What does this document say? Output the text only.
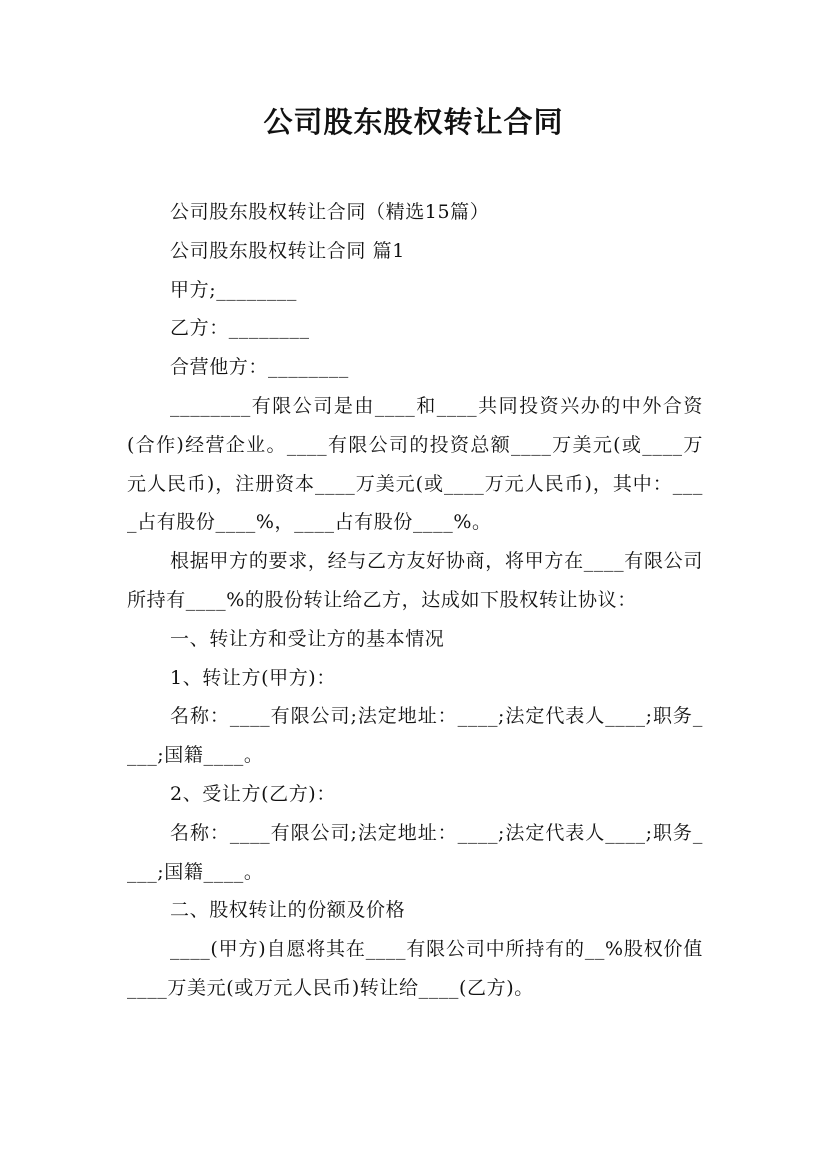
公司股东股权转让合同

公司股东股权转让合同（精选15篇）

公司股东股权转让合同 篇1

甲方;________

乙方：________

合营他方：________

________有限公司是由____和____共同投资兴办的中外合资(合作)经营企业。____有限公司的投资总额____万美元(或____万元人民币)，注册资本____万美元(或____万元人民币)，其中：____占有股份____%，____占有股份____%。

根据甲方的要求，经与乙方友好协商，将甲方在____有限公司所持有____%的股份转让给乙方，达成如下股权转让协议：

一、转让方和受让方的基本情况

1、转让方(甲方)：

名称：____有限公司;法定地址：____;法定代表人____;职务____;国籍____。

2、受让方(乙方)：

名称：____有限公司;法定地址：____;法定代表人____;职务____;国籍____。

二、股权转让的份额及价格

____(甲方)自愿将其在____有限公司中所持有的__%股权价值____万美元(或万元人民币)转让给____(乙方)。
